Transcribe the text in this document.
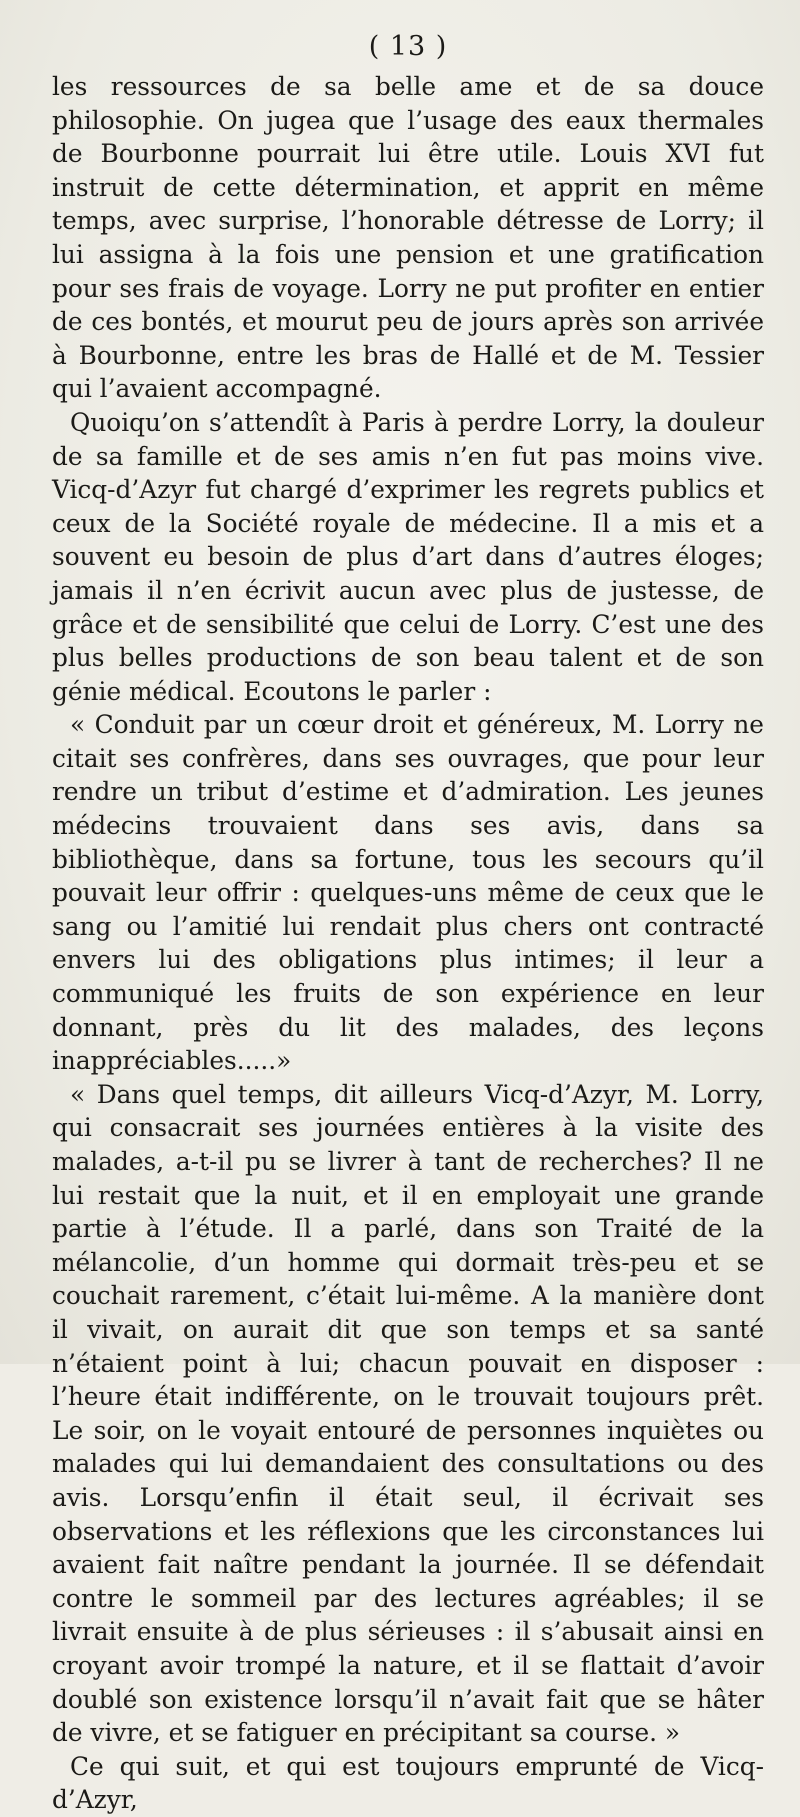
( 13 )

les ressources de sa belle ame et de sa douce philosophie. On jugea que l’usage des eaux thermales de Bourbonne pourrait lui être utile. Louis XVI fut instruit de cette détermination, et apprit en même temps, avec surprise, l’honorable détresse de Lorry; il lui assigna à la fois une pension et une gratification pour ses frais de voyage. Lorry ne put profiter en entier de ces bontés, et mourut peu de jours après son arrivée à Bourbonne, entre les bras de Hallé et de M. Tessier qui l’avaient accompagné.

Quoiqu’on s’attendît à Paris à perdre Lorry, la douleur de sa famille et de ses amis n’en fut pas moins vive. Vicq-d’Azyr fut chargé d’exprimer les regrets publics et ceux de la Société royale de médecine. Il a mis et a souvent eu besoin de plus d’art dans d’autres éloges; jamais il n’en écrivit aucun avec plus de justesse, de grâce et de sensibilité que celui de Lorry. C’est une des plus belles productions de son beau talent et de son génie médical. Ecoutons le parler :

« Conduit par un cœur droit et généreux, M. Lorry ne citait ses confrères, dans ses ouvrages, que pour leur rendre un tribut d’estime et d’admiration. Les jeunes médecins trouvaient dans ses avis, dans sa bibliothèque, dans sa fortune, tous les secours qu’il pouvait leur offrir : quelques-uns même de ceux que le sang ou l’amitié lui rendait plus chers ont contracté envers lui des obligations plus intimes; il leur a communiqué les fruits de son expérience en leur donnant, près du lit des malades, des leçons inappréciables.....»

« Dans quel temps, dit ailleurs Vicq-d’Azyr, M. Lorry, qui consacrait ses journées entières à la visite des malades, a-t-il pu se livrer à tant de recherches? Il ne lui restait que la nuit, et il en employait une grande partie à l’étude. Il a parlé, dans son Traité de la mélancolie, d’un homme qui dormait très-peu et se couchait rarement, c’était lui-même. A la manière dont il vivait, on aurait dit que son temps et sa santé n’étaient point à lui; chacun pouvait en disposer : l’heure était indifférente, on le trouvait toujours prêt. Le soir, on le voyait entouré de personnes inquiètes ou malades qui lui demandaient des consultations ou des avis. Lorsqu’enfin il était seul, il écrivait ses observations et les réflexions que les circonstances lui avaient fait naître pendant la journée. Il se défendait contre le sommeil par des lectures agréables; il se livrait ensuite à de plus sérieuses : il s’abusait ainsi en croyant avoir trompé la nature, et il se flattait d’avoir doublé son existence lorsqu’il n’avait fait que se hâter de vivre, et se fatiguer en précipitant sa course. »

Ce qui suit, et qui est toujours emprunté de Vicq-d’Azyr,
